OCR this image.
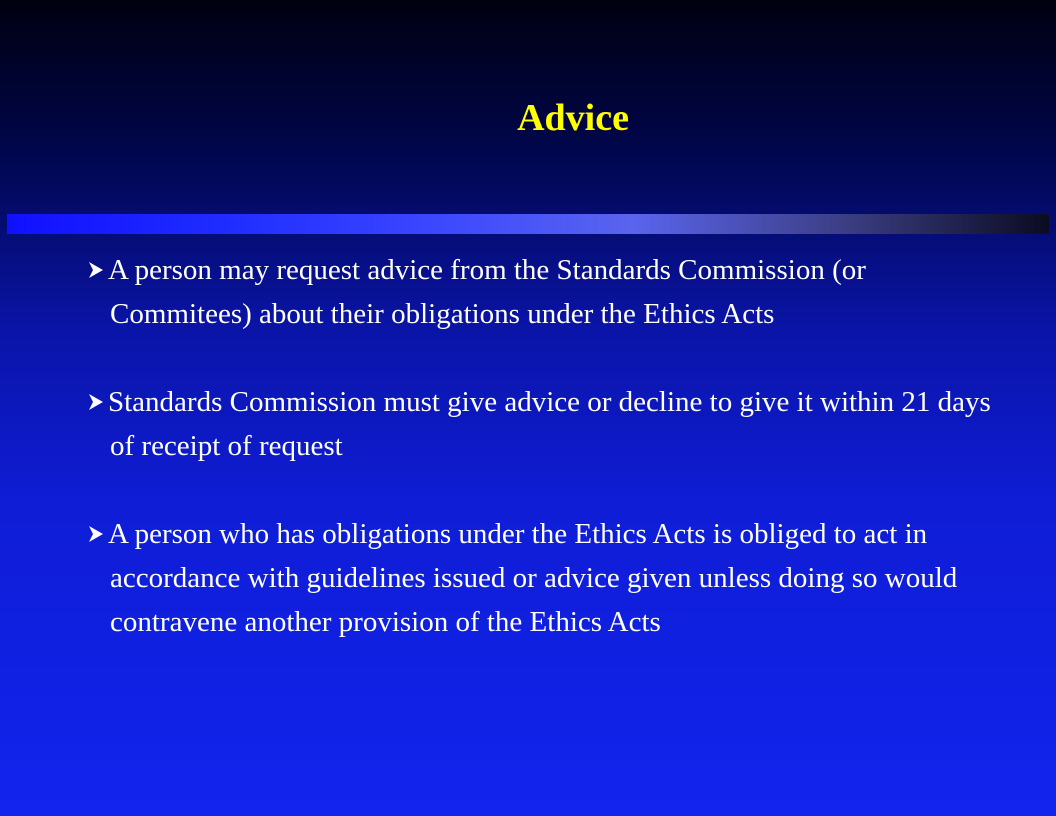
Advice
A person may request advice from the Standards Commission (or Commitees) about their obligations under the Ethics Acts
Standards Commission must give advice or decline to give it within 21 days of receipt of request
A person who has obligations under the Ethics Acts is obliged to act in accordance with guidelines issued or advice given unless doing so would contravene another provision of the Ethics Acts
